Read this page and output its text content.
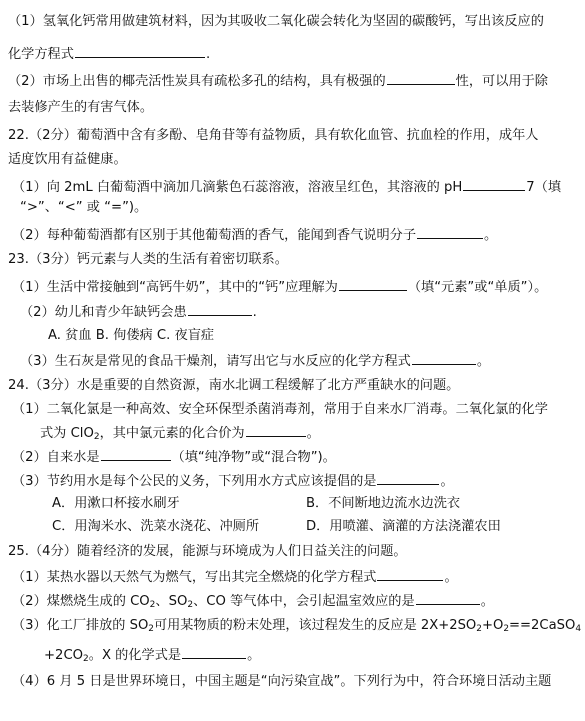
（1）氢氧化钙常用做建筑材料，因为其吸收二氧化碳会转化为坚固的碳酸钙，写出该反应的
化学方程式	.
（2）市场上出售的椰壳活性炭具有疏松多孔的结构，具有极强的	性，可以用于除
去装修产生的有害气体。
22.（2分）葡萄酒中含有多酚、皂角苷等有益物质，具有软化血管、抗血栓的作用，成年人
适度饮用有益健康。
（1）向 2mL 白葡萄酒中滴加几滴紫色石蕊溶液，溶液呈红色，其溶液的 pH	7（填
“>”、“<” 或 “=”)。
（2）每种葡萄酒都有区别于其他葡萄酒的香气，能闻到香气说明分子	。
23.（3分）钙元素与人类的生活有着密切联系。
（1）生活中常接触到“高钙牛奶”，其中的“钙”应理解为	（填“元素”或“单质”）。
（2）幼儿和青少年缺钙会患	.
A. 贫血 B. 佝偻病 C. 夜盲症
（3）生石灰是常见的食品干燥剂，请写出它与水反应的化学方程式	。
24.（3分）水是重要的自然资源，南水北调工程缓解了北方严重缺水的问题。
（1）二氧化氯是一种高效、安全环保型杀菌消毒剂，常用于自来水厂消毒。二氧化氯的化学
式为 ClO$_2$，其中氯元素的化合价为	。
（2）自来水是	（填“纯净物”或“混合物”)。
（3）节约用水是每个公民的义务，下列用水方式应该提倡的是	。
A．用漱口杯接水刷牙	B．不间断地边流水边洗衣
C．用淘米水、洗菜水浇花、冲厕所	D．用喷灌、滴灌的方法浇灌农田
25.（4分）随着经济的发展，能源与环境成为人们日益关注的问题。
（1）某热水器以天然气为燃气，写出其完全燃烧的化学方程式	。
（2）煤燃烧生成的 $CO_2$、$SO_2$、CO 等气体中，会引起温室效应的是	。
（3）化工厂排放的 $SO_2$可用某物质的粉末处理，该过程发生的反应是 $2X+2SO_2+O_2==2CaSO_4$
$+2CO_2$。X 的化学式是	。
（4）6 月 5 日是世界环境日，中国主题是“向污染宣战”。下列行为中，符合环境日活动主题
